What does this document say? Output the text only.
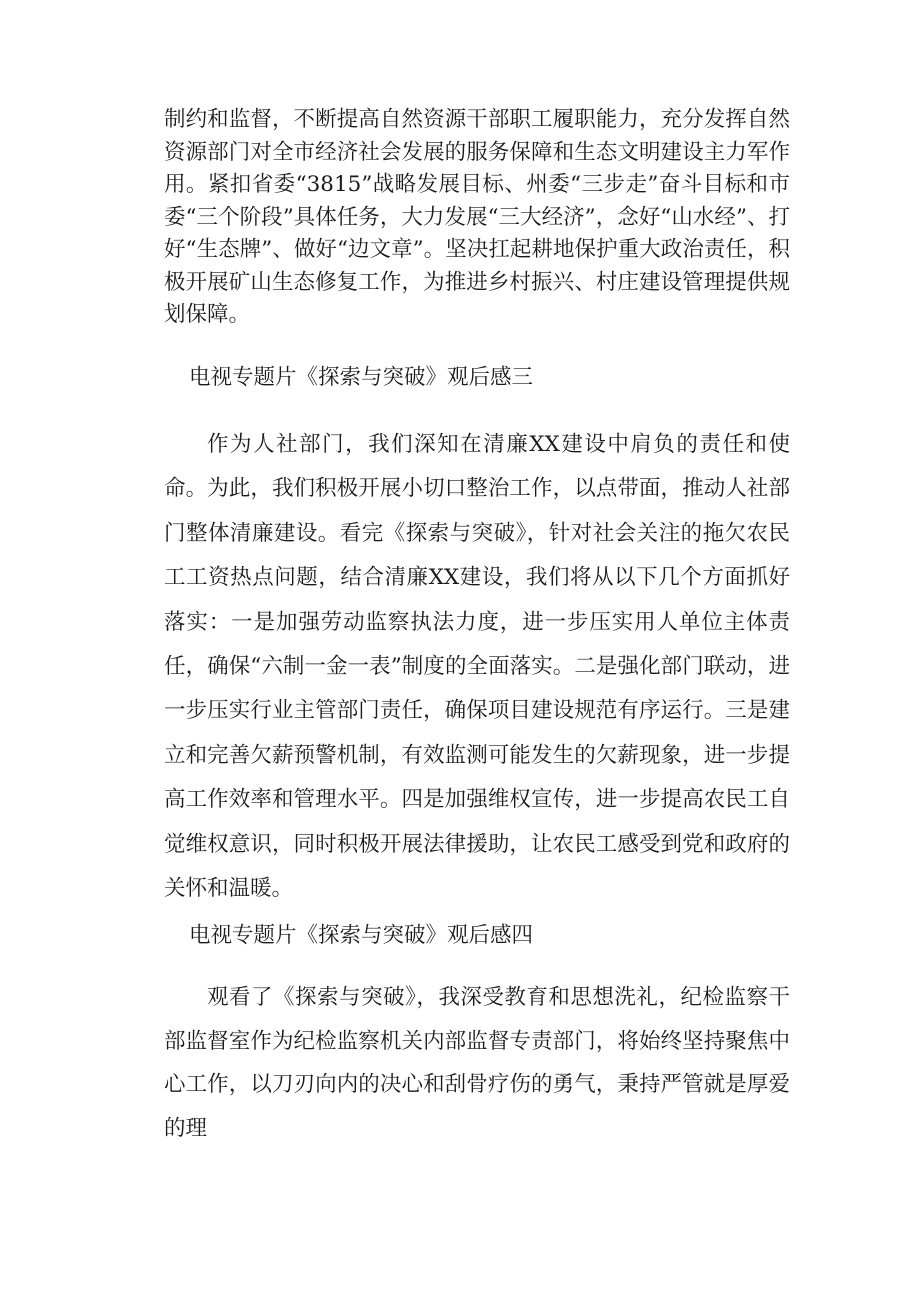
制约和监督，不断提高自然资源干部职工履职能力，充分发挥自然资源部门对全市经济社会发展的服务保障和生态文明建设主力军作用。紧扣省委“3815”战略发展目标、州委“三步走”奋斗目标和市委“三个阶段”具体任务，大力发展“三大经济”，念好“山水经”、打好“生态牌”、做好“边文章”。坚决扛起耕地保护重大政治责任，积极开展矿山生态修复工作，为推进乡村振兴、村庄建设管理提供规划保障。

电视专题片《探索与突破》观后感三

作为人社部门，我们深知在清廉XX建设中肩负的责任和使命。为此，我们积极开展小切口整治工作，以点带面，推动人社部门整体清廉建设。看完《探索与突破》，针对社会关注的拖欠农民工工资热点问题，结合清廉XX建设，我们将从以下几个方面抓好落实：一是加强劳动监察执法力度，进一步压实用人单位主体责任，确保“六制一金一表”制度的全面落实。二是强化部门联动，进一步压实行业主管部门责任，确保项目建设规范有序运行。三是建立和完善欠薪预警机制，有效监测可能发生的欠薪现象，进一步提高工作效率和管理水平。四是加强维权宣传，进一步提高农民工自觉维权意识，同时积极开展法律援助，让农民工感受到党和政府的关怀和温暖。

电视专题片《探索与突破》观后感四

观看了《探索与突破》，我深受教育和思想洗礼，纪检监察干部监督室作为纪检监察机关内部监督专责部门，将始终坚持聚焦中心工作，以刀刃向内的决心和刮骨疗伤的勇气，秉持严管就是厚爱的理
